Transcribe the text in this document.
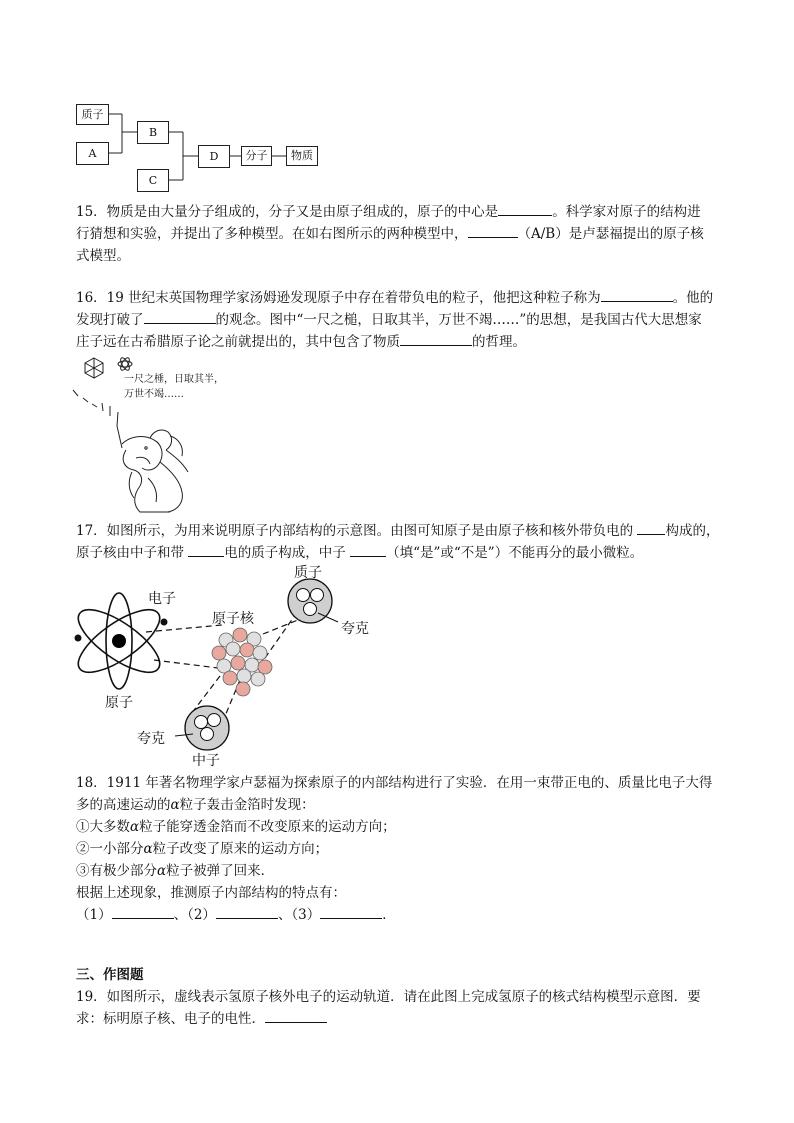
质子
A
B
C
D	分子	物质
15．物质是由大量分子组成的，分子又是由原子组成的，原子的中心是	。科学家对原子的结构进
行猜想和实验，并提出了多种模型。在如右图所示的两种模型中，	（A/B）是卢瑟福提出的原子核
式模型。
16．19 世纪末英国物理学家汤姆逊发现原子中存在着带负电的粒子，他把这种粒子称为	。他的
发现打破了	的观念。图中“一尺之槌，日取其半，万世不竭……”的思想，是我国古代大思想家
庄子远在古希腊原子论之前就提出的，其中包含了物质	的哲理。
一尺之棰，日取其半，
万世不竭……
17．如图所示，为用来说明原子内部结构的示意图。由图可知原子是由原子核和核外带负电的 构成的，
原子核由中子和带	电的质子构成，中子	（填“是”或“不是”）不能再分的最小微粒。
电子
原子核
质子
夸克
原子
夸克
中子
18．1911 年著名物理学家卢瑟福为探索原子的内部结构进行了实验．在用一束带正电的、质量比电子大得
多的高速运动的α粒子轰击金箔时发现：
①大多数α粒子能穿透金箔而不改变原来的运动方向；
②一小部分α粒子改变了原来的运动方向；
③有极少部分α粒子被弹了回来．
根据上述现象，推测原子内部结构的特点有：
（1）	、（2）	、（3）	．
三、作图题
19．如图所示，虚线表示氢原子核外电子的运动轨道．请在此图上完成氢原子的核式结构模型示意图．要
求：标明原子核、电子的电性．
